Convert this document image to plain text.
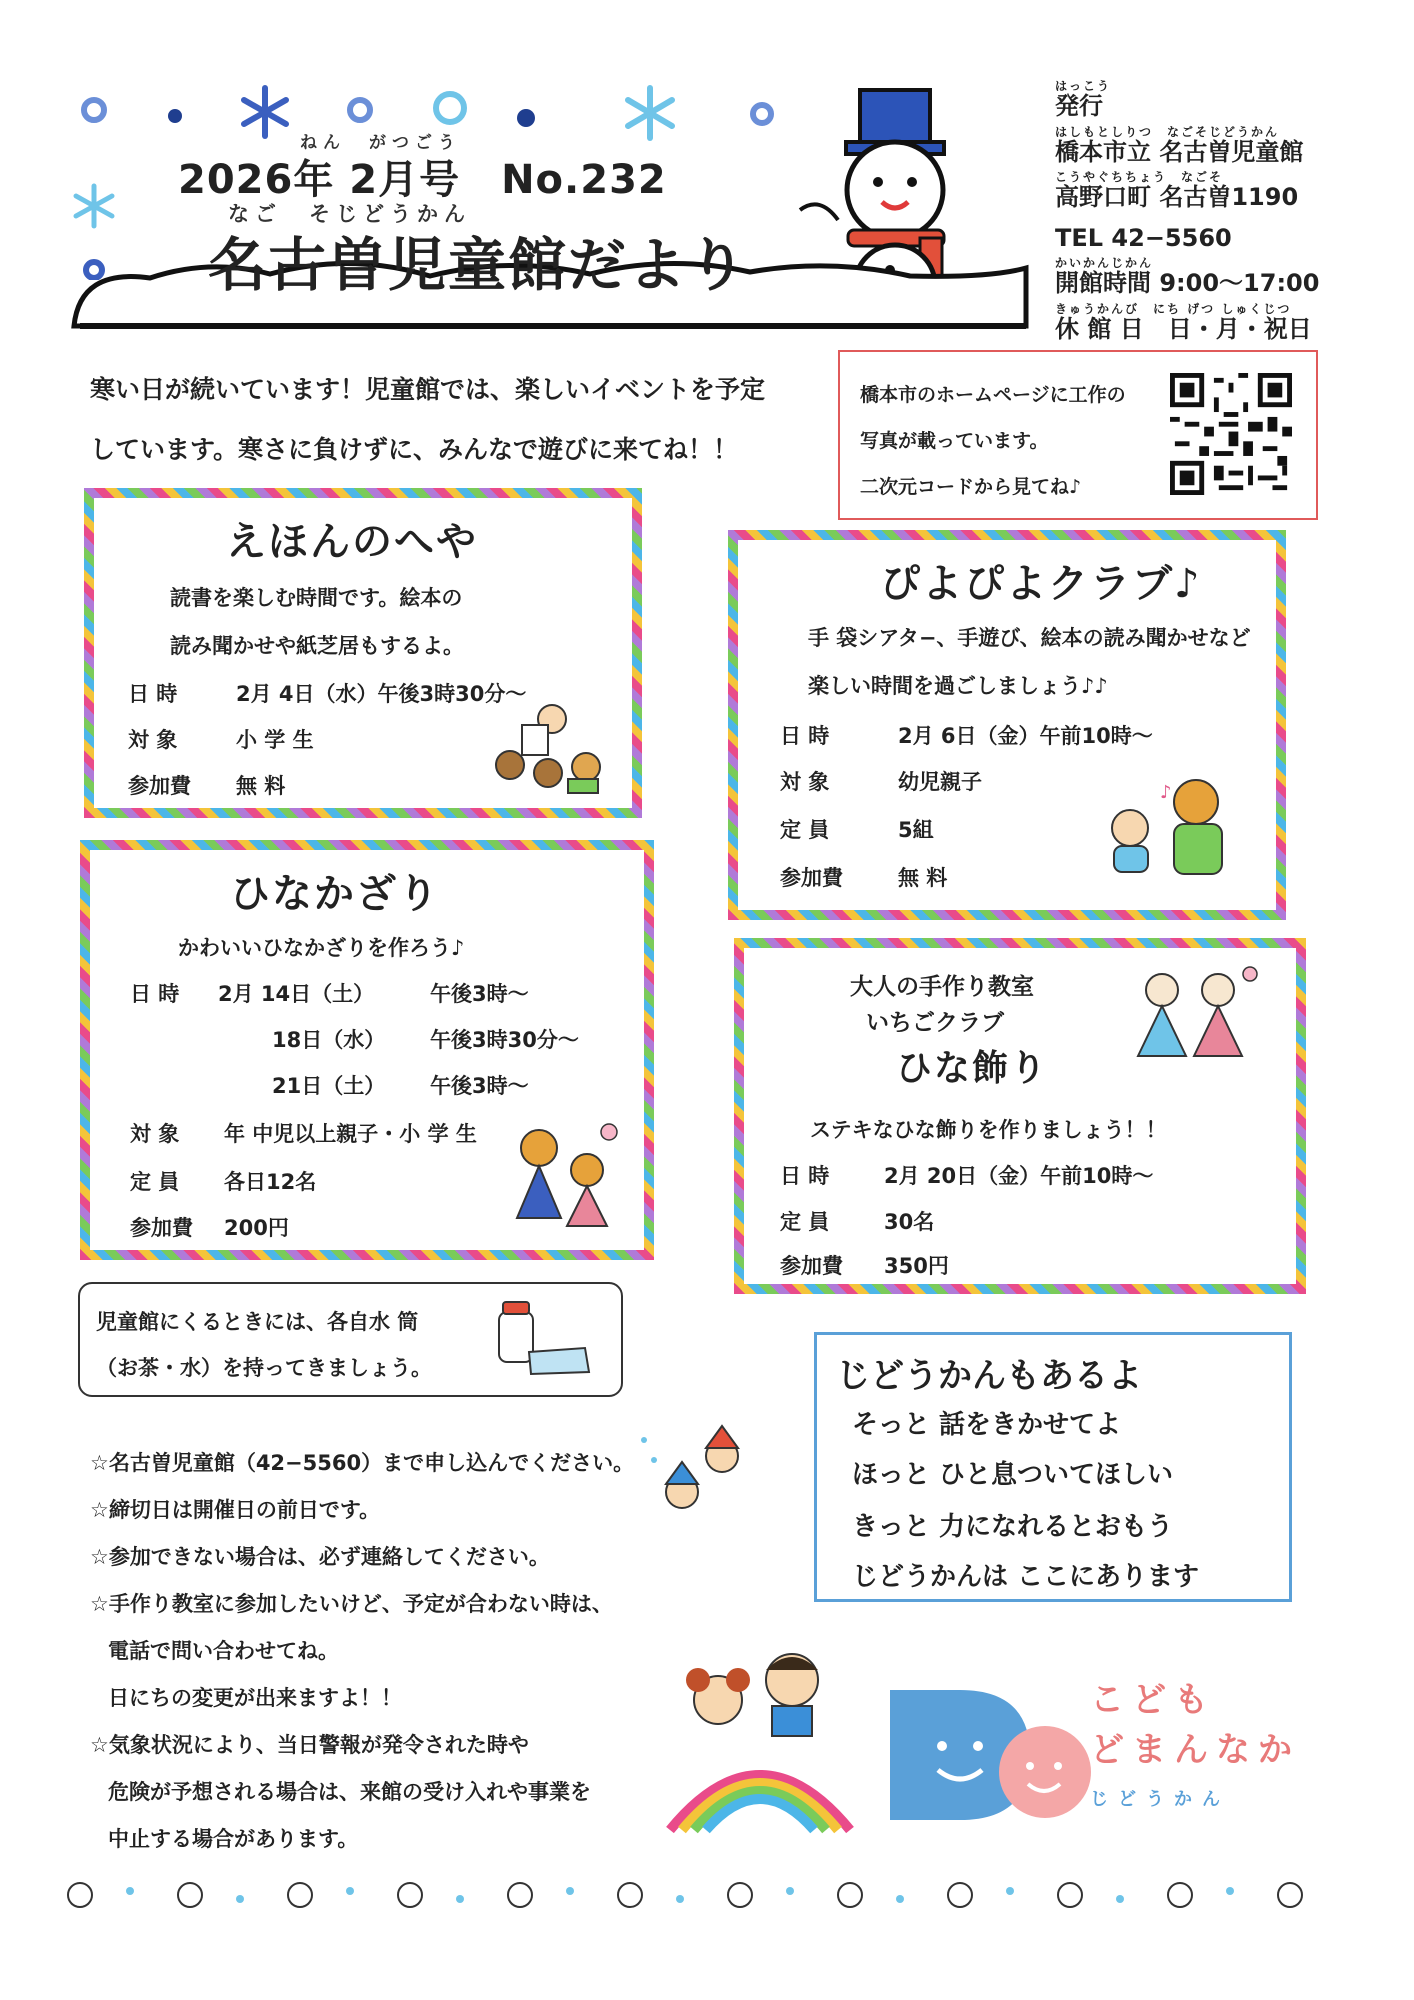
ねん　がつごう
2026年 2月号　No.232
なご　そじどうかん
名古曽児童館だより
はっこう
発行
はしもとしりつ　なごそじどうかん
橋本市立 名古曽児童館
こうやぐちちょう　なごそ
高野口町 名古曽1190
TEL 42−5560
かいかんじかん
開館時間 9:00〜17:00
きゅうかんび　にち げつ しゅくじつ
休 館 日　日・月・祝日
寒い日が続いています！児童館では、楽しいイベントを予定
しています。寒さに負けずに、みんなで遊びに来てね！！
橋本市のホームページに工作の
写真が載っています。
二次元コードから見てね♪
えほんのへや
読書を楽しむ時間です。絵本の
読み聞かせや紙芝居もするよ。
日 時	2月 4日（水）午後3時30分〜
対 象	小 学 生
参加費 無 料
ひなかざり
かわいいひなかざりを作ろう♪
日 時 2月 14日（土）	午後3時〜
18日（水） 午後3時30分〜
21日（土） 午後3時〜
対 象 年 中児以上親子・小 学 生
定 員 各日12名
参加費 200円
ぴよぴよクラブ♪
手 袋シアタ−、手遊び、絵本の読み聞かせなど
楽しい時間を過ごしましょう♪♪
日 時	2月 6日（金）午前10時〜
対 象	幼児親子
定 員	5組
参加費	無 料
♪
大人の手作り教室
いちごクラブ
ひな飾り
ステキなひな飾りを作りましょう！！
日 時	2月 20日（金）午前10時〜
定 員	30名
参加費 350円
児童館にくるときには、各自水 筒
（お茶・水）を持ってきましょう。	じどうかんもあるよ
そっと 話をきかせてよ
ほっと ひと息ついてほしい
きっと 力になれるとおもう
じどうかんは ここにあります
☆名古曽児童館（42−5560）まで申し込んでください。
☆締切日は開催日の前日です。
☆参加できない場合は、必ず連絡してください。
☆手作り教室に参加したいけど、予定が合わない時は、
電話で問い合わせてね。
日にちの変更が出来ますよ！！
☆気象状況により、当日警報が発令された時や
危険が予想される場合は、来館の受け入れや事業を
中止する場合があります。
こども
どまんなか
じどうかん
